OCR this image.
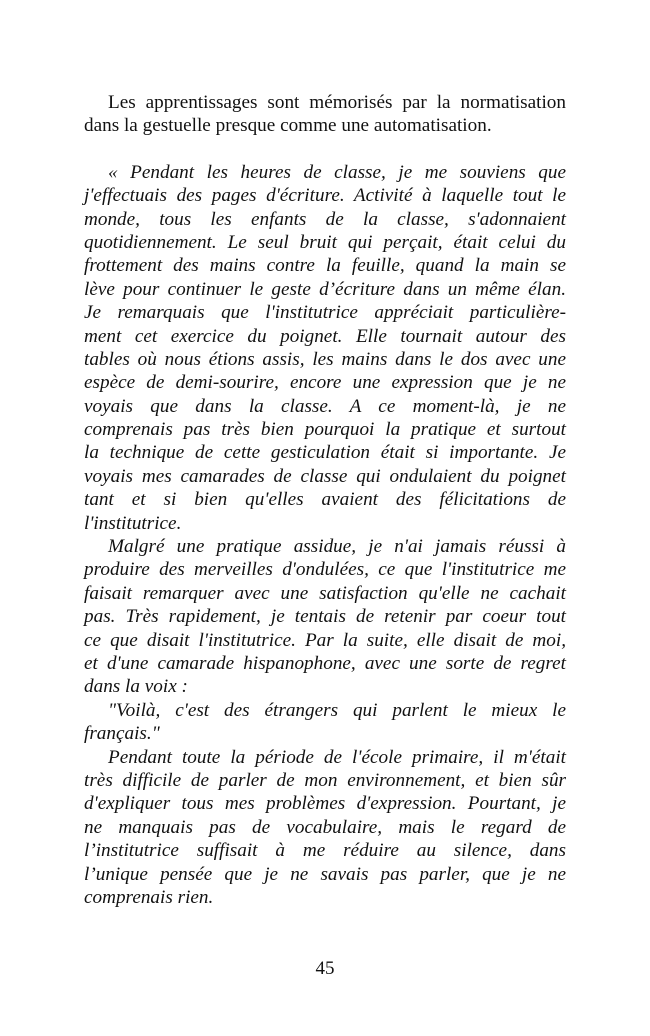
Les apprentissages sont mémorisés par la normatisation
dans la gestuelle presque comme une automatisation.
« Pendant les heures de classe, je me souviens que
j'effectuais des pages d'écriture. Activité à laquelle tout le
monde, tous les enfants de la classe, s'adonnaient
quotidiennement. Le seul bruit qui perçait, était celui du
frottement des mains contre la feuille, quand la main se
lève pour continuer le geste d’écriture dans un même élan.
Je remarquais que l'institutrice appréciait particulière-
ment cet exercice du poignet. Elle tournait autour des
tables où nous étions assis, les mains dans le dos avec une
espèce de demi-sourire, encore une expression que je ne
voyais que dans la classe. A ce moment-là, je ne
comprenais pas très bien pourquoi la pratique et surtout
la technique de cette gesticulation était si importante. Je
voyais mes camarades de classe qui ondulaient du poignet
tant et si bien qu'elles avaient des félicitations de
l'institutrice.
Malgré une pratique assidue, je n'ai jamais réussi à
produire des merveilles d'ondulées, ce que l'institutrice me
faisait remarquer avec une satisfaction qu'elle ne cachait
pas. Très rapidement, je tentais de retenir par coeur tout
ce que disait l'institutrice. Par la suite, elle disait de moi,
et d'une camarade hispanophone, avec une sorte de regret
dans la voix :
"Voilà, c'est des étrangers qui parlent le mieux le
français."
Pendant toute la période de l'école primaire, il m'était
très difficile de parler de mon environnement, et bien sûr
d'expliquer tous mes problèmes d'expression. Pourtant, je
ne manquais pas de vocabulaire, mais le regard de
l’institutrice suffisait à me réduire au silence, dans
l’unique pensée que je ne savais pas parler, que je ne
comprenais rien.
45
